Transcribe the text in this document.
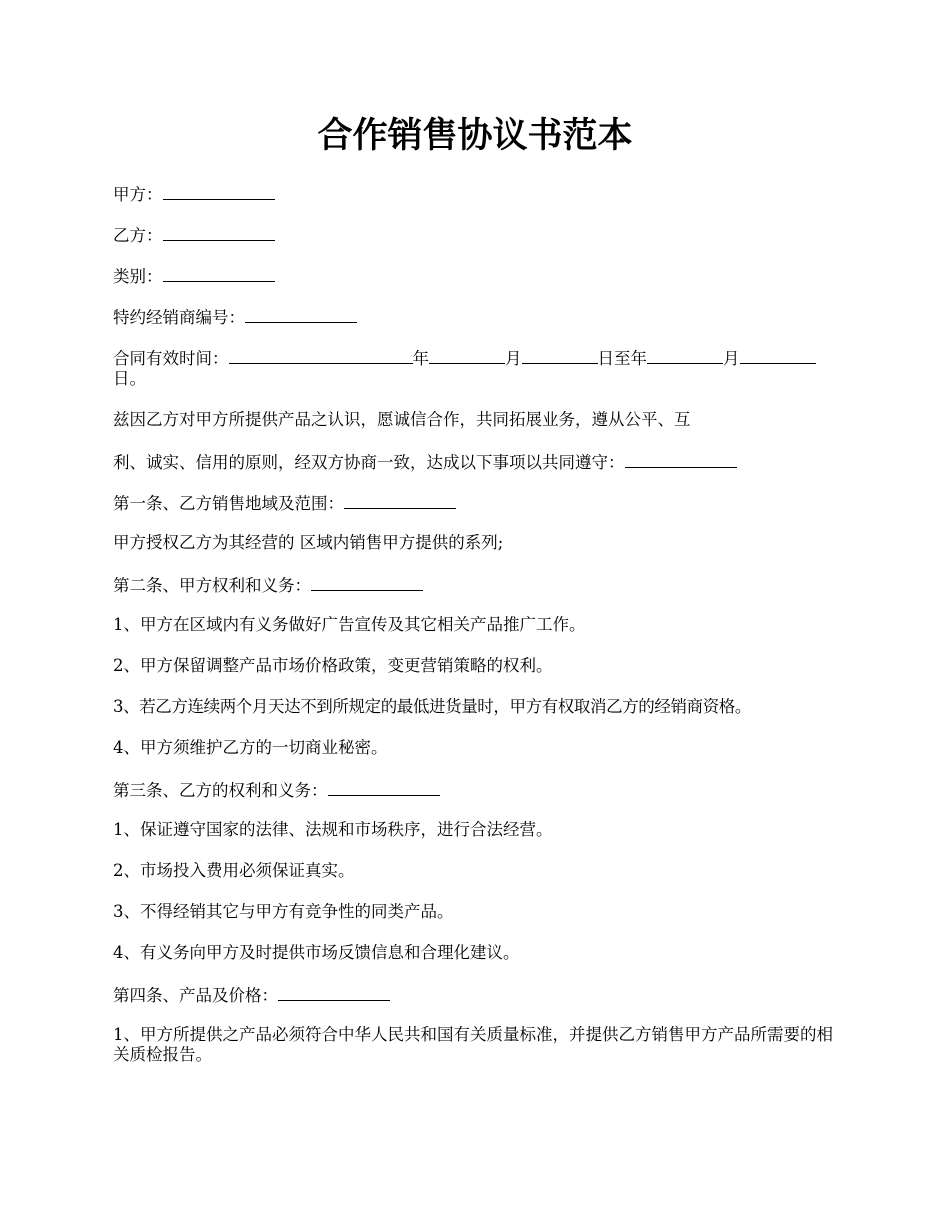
合作销售协议书范本

甲方：

乙方：

类别：

特约经销商编号：

合同有效时间：	年	月	日至年	月
日。

兹因乙方对甲方所提供产品之认识，愿诚信合作，共同拓展业务，遵从公平、互

利、诚实、信用的原则，经双方协商一致，达成以下事项以共同遵守：

第一条、乙方销售地域及范围：

甲方授权乙方为其经营的 区域内销售甲方提供的系列;

第二条、甲方权利和义务：

1、甲方在区域内有义务做好广告宣传及其它相关产品推广工作。

2、甲方保留调整产品市场价格政策，变更营销策略的权利。

3、若乙方连续两个月天达不到所规定的最低进货量时，甲方有权取消乙方的经销商资格。

4、甲方须维护乙方的一切商业秘密。

第三条、乙方的权利和义务：

1、保证遵守国家的法律、法规和市场秩序，进行合法经营。

2、市场投入费用必须保证真实。

3、不得经销其它与甲方有竞争性的同类产品。

4、有义务向甲方及时提供市场反馈信息和合理化建议。

第四条、产品及价格：

1、甲方所提供之产品必须符合中华人民共和国有关质量标准，并提供乙方销售甲方产品所需要的相关质检报告。
